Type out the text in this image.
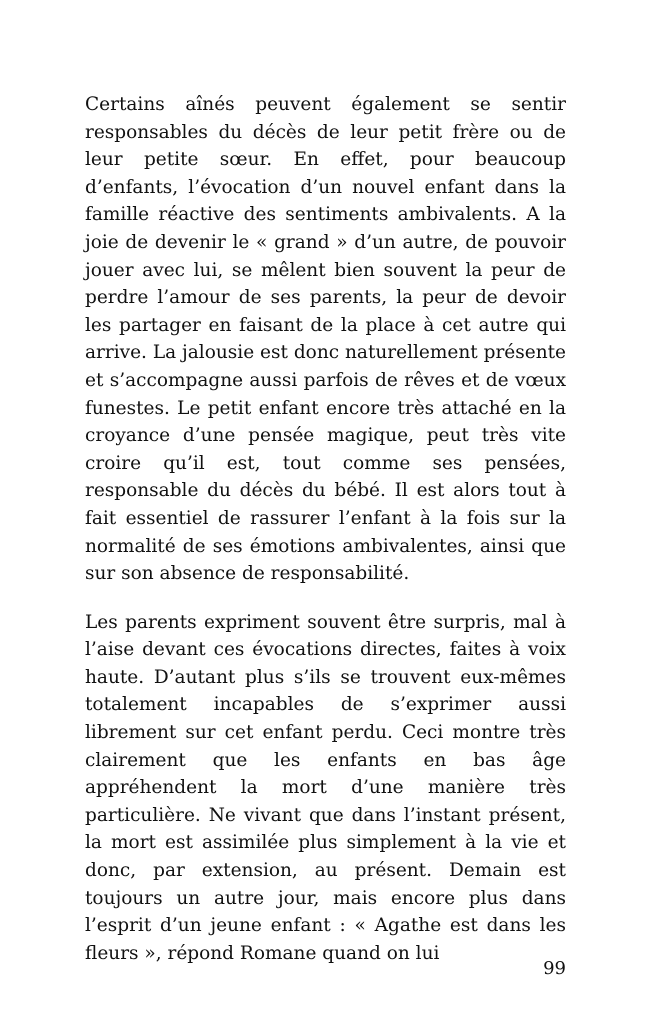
Certains aînés peuvent également se sentir responsables du décès de leur petit frère ou de leur petite sœur. En effet, pour beaucoup d’enfants, l’évocation d’un nouvel enfant dans la famille réactive des sentiments ambivalents. A la joie de devenir le « grand » d’un autre, de pouvoir jouer avec lui, se mêlent bien souvent la peur de perdre l’amour de ses parents, la peur de devoir les partager en faisant de la place à cet autre qui arrive. La jalousie est donc naturellement présente et s’accompagne aussi parfois de rêves et de vœux funestes. Le petit enfant encore très attaché en la croyance d’une pensée magique, peut très vite croire qu’il est, tout comme ses pensées, responsable du décès du bébé. Il est alors tout à fait essentiel de rassurer l’enfant à la fois sur la normalité de ses émotions ambivalentes, ainsi que sur son absence de responsabilité.

Les parents expriment souvent être surpris, mal à l’aise devant ces évocations directes, faites à voix haute. D’autant plus s’ils se trouvent eux-mêmes totalement incapables de s’exprimer aussi librement sur cet enfant perdu. Ceci montre très clairement que les enfants en bas âge appréhendent la mort d’une manière très particulière. Ne vivant que dans l’instant présent, la mort est assimilée plus simplement à la vie et donc, par extension, au présent. Demain est toujours un autre jour, mais encore plus dans l’esprit d’un jeune enfant : « Agathe est dans les fleurs », répond Romane quand on lui

99
